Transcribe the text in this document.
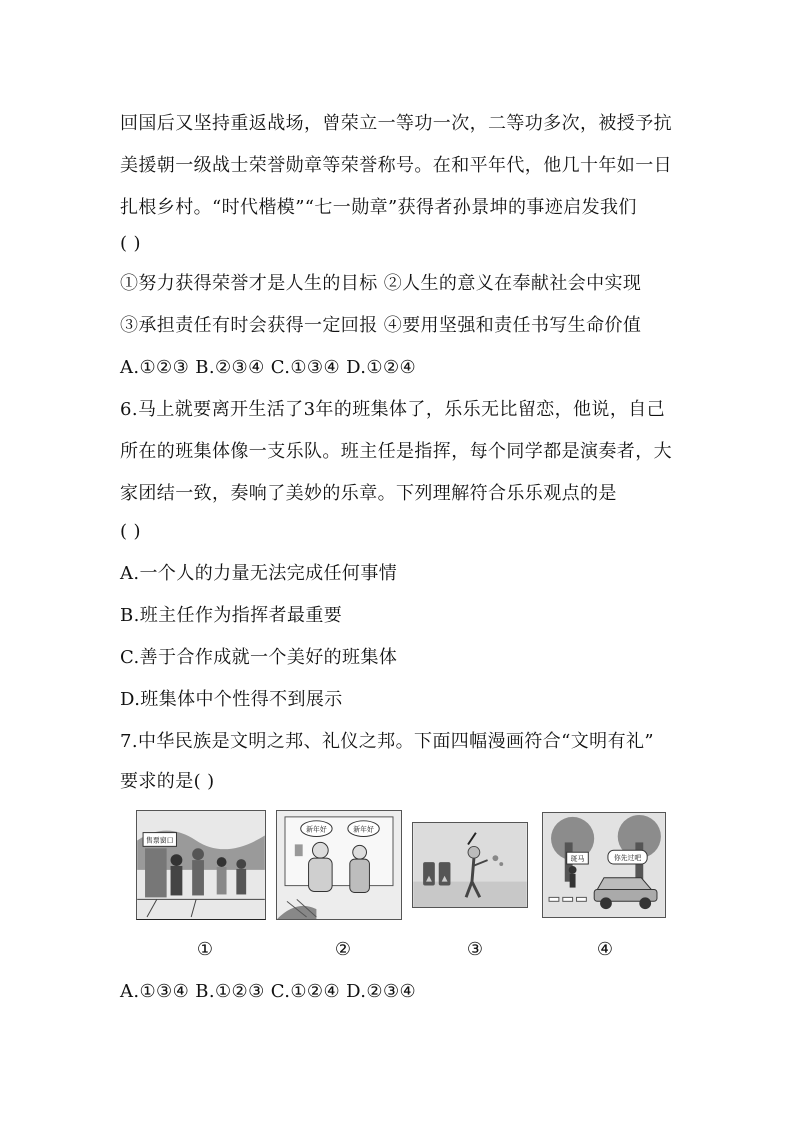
回国后又坚持重返战场，曾荣立一等功一次，二等功多次，被授予抗
美援朝一级战士荣誉勋章等荣誉称号。在和平年代，他几十年如一日
扎根乡村。“时代楷模”“七一勋章”获得者孙景坤的事迹启发我们
( )
①努力获得荣誉才是人生的目标 ②人生的意义在奉献社会中实现
③承担责任有时会获得一定回报 ④要用坚强和责任书写生命价值
A.①②③ B.②③④ C.①③④ D.①②④
6.马上就要离开生活了3年的班集体了，乐乐无比留恋，他说，自己
所在的班集体像一支乐队。班主任是指挥，每个同学都是演奏者，大
家团结一致，奏响了美妙的乐章。下列理解符合乐乐观点的是
( )
A.一个人的力量无法完成任何事情
B.班主任作为指挥者最重要
C.善于合作成就一个美好的班集体
D.班集体中个性得不到展示
7.中华民族是文明之邦、礼仪之邦。下面四幅漫画符合“文明有礼”
要求的是( )
售票窗口
新年好	新年好
斑马	你先过吧
①	②	③	④
A.①③④ B.①②③ C.①②④ D.②③④
